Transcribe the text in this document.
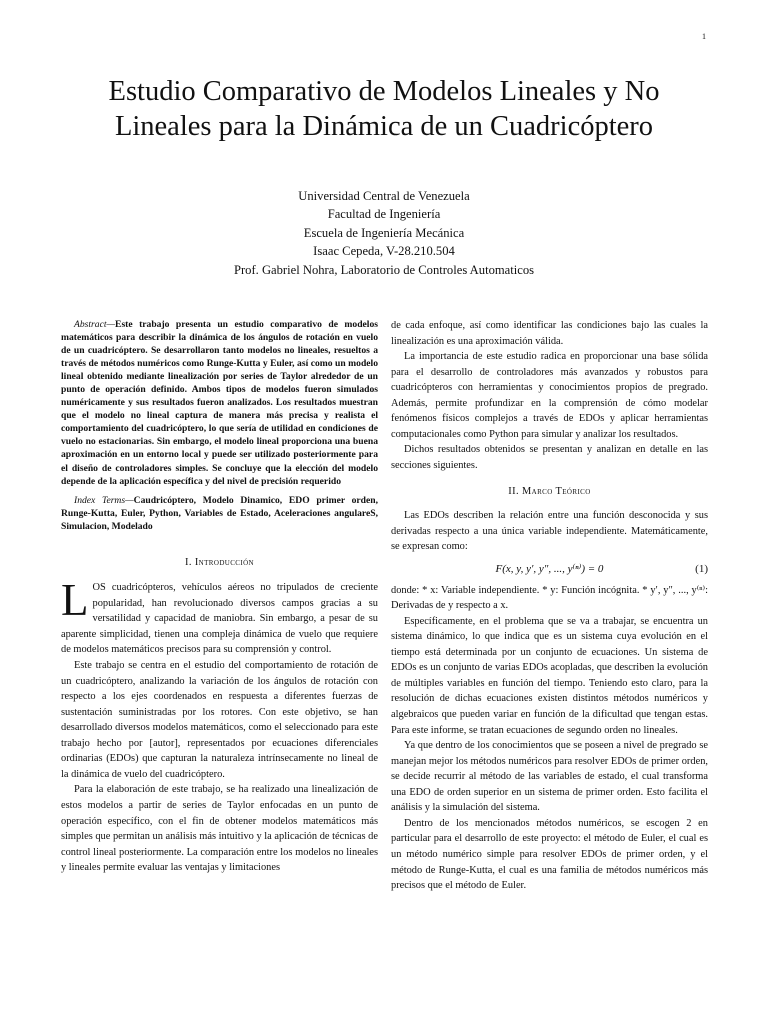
1
Estudio Comparativo de Modelos Lineales y No Lineales para la Dinámica de un Cuadricóptero
Universidad Central de Venezuela
Facultad de Ingeniería
Escuela de Ingeniería Mecánica
Isaac Cepeda, V-28.210.504
Prof. Gabriel Nohra, Laboratorio de Controles Automaticos

Abstract—Este trabajo presenta un estudio comparativo de modelos matemáticos para describir la dinámica de los ángulos de rotación en vuelo de un cuadricóptero. Se desarrollaron tanto modelos no lineales, resueltos a través de métodos numéricos como Runge-Kutta y Euler, así como un modelo lineal obtenido mediante linealización por series de Taylor alrededor de un punto de operación definido. Ambos tipos de modelos fueron simulados numéricamente y sus resultados fueron analizados. Los resultados muestran que el modelo no lineal captura de manera más precisa y realista el comportamiento del cuadricóptero, lo que sería de utilidad en condiciones de vuelo no estacionarias. Sin embargo, el modelo lineal proporciona una buena aproximación en un entorno local y puede ser utilizado posteriormente para el diseño de controladores simples. Se concluye que la elección del modelo depende de la aplicación específica y del nivel de precisión requerido

Index Terms—Caudricóptero, Modelo Dinamico, EDO primer orden, Runge-Kutta, Euler, Python, Variables de Estado, Aceleraciones angulareS, Simulacion, Modelado

I. Introducción

LOS cuadricópteros, vehículos aéreos no tripulados de creciente popularidad, han revolucionado diversos campos gracias a su versatilidad y capacidad de maniobra. Sin embargo, a pesar de su aparente simplicidad, tienen una compleja dinámica de vuelo que requiere de modelos matemáticos precisos para su comprensión y control.

Este trabajo se centra en el estudio del comportamiento de rotación de un cuadricóptero, analizando la variación de los ángulos de rotación con respecto a los ejes coordenados en respuesta a diferentes fuerzas de sustentación suministradas por los rotores. Con este objetivo, se han desarrollado diversos modelos matemáticos, como el seleccionado para este trabajo hecho por [autor], representados por ecuaciones diferenciales ordinarias (EDOs) que capturan la naturaleza intrínsecamente no lineal de la dinámica de vuelo del cuadricóptero.

Para la elaboración de este trabajo, se ha realizado una linealización de estos modelos a partir de series de Taylor enfocadas en un punto de operación específico, con el fin de obtener modelos matemáticos más simples que permitan un análisis más intuitivo y la aplicación de técnicas de control lineal posteriormente. La comparación entre los modelos no lineales y lineales permite evaluar las ventajas y limitaciones

de cada enfoque, así como identificar las condiciones bajo las cuales la linealización es una aproximación válida.

La importancia de este estudio radica en proporcionar una base sólida para el desarrollo de controladores más avanzados y robustos para cuadricópteros con herramientas y conocimientos propios de pregrado. Además, permite profundizar en la comprensión de cómo modelar fenómenos físicos complejos a través de EDOs y aplicar herramientas computacionales como Python para simular y analizar los resultados.

Dichos resultados obtenidos se presentan y analizan en detalle en las secciones siguientes.

II. Marco Teórico

Las EDOs describen la relación entre una función desconocida y sus derivadas respecto a una única variable independiente. Matemáticamente, se expresan como:

F(x, y, y′, y″, ..., y⁽ⁿ⁾) = 0	(1)

donde: * x: Variable independiente. * y: Función incógnita. * y′, y″, ..., y⁽ⁿ⁾: Derivadas de y respecto a x.

Específicamente, en el problema que se va a trabajar, se encuentra un sistema dinámico, lo que indica que es un sistema cuya evolución en el tiempo está determinada por un conjunto de ecuaciones. Un sistema de EDOs es un conjunto de varias EDOs acopladas, que describen la evolución de múltiples variables en función del tiempo. Teniendo esto claro, para la resolución de dichas ecuaciones existen distintos métodos numéricos y algebraicos que pueden variar en función de la dificultad que tengan estas. Para este informe, se tratan ecuaciones de segundo orden no lineales.

Ya que dentro de los conocimientos que se poseen a nivel de pregrado se manejan mejor los métodos numéricos para resolver EDOs de primer orden, se decide recurrir al método de las variables de estado, el cual transforma una EDO de orden superior en un sistema de primer orden. Esto facilita el análisis y la simulación del sistema.

Dentro de los mencionados métodos numéricos, se escogen 2 en particular para el desarrollo de este proyecto: el método de Euler, el cual es un método numérico simple para resolver EDOs de primer orden, y el método de Runge-Kutta, el cual es una familia de métodos numéricos más precisos que el método de Euler.
